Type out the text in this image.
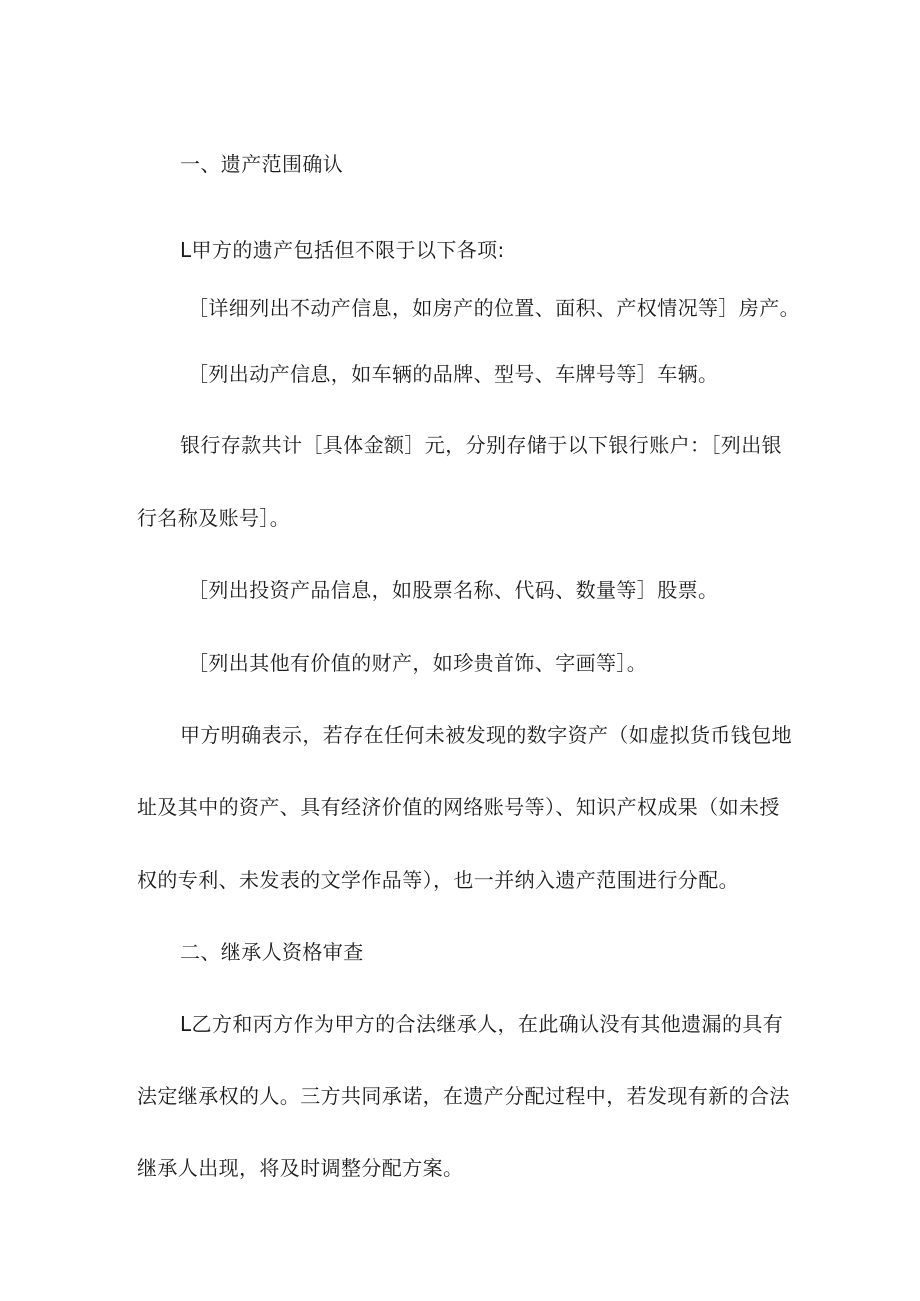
一、遗产范围确认
L甲方的遗产包括但不限于以下各项:
［详细列出不动产信息，如房产的位置、面积、产权情况等］房产。
［列出动产信息，如车辆的品牌、型号、车牌号等］车辆。
银行存款共计［具体金额］元，分别存储于以下银行账户：［列出银
行名称及账号］。
［列出投资产品信息，如股票名称、代码、数量等］股票。
［列出其他有价值的财产，如珍贵首饰、字画等］。
甲方明确表示，若存在任何未被发现的数字资产（如虚拟货币钱包地
址及其中的资产、具有经济价值的网络账号等）、知识产权成果（如未授
权的专利、未发表的文学作品等），也一并纳入遗产范围进行分配。
二、继承人资格审查
L乙方和丙方作为甲方的合法继承人，在此确认没有其他遗漏的具有
法定继承权的人。三方共同承诺，在遗产分配过程中，若发现有新的合法
继承人出现，将及时调整分配方案。
